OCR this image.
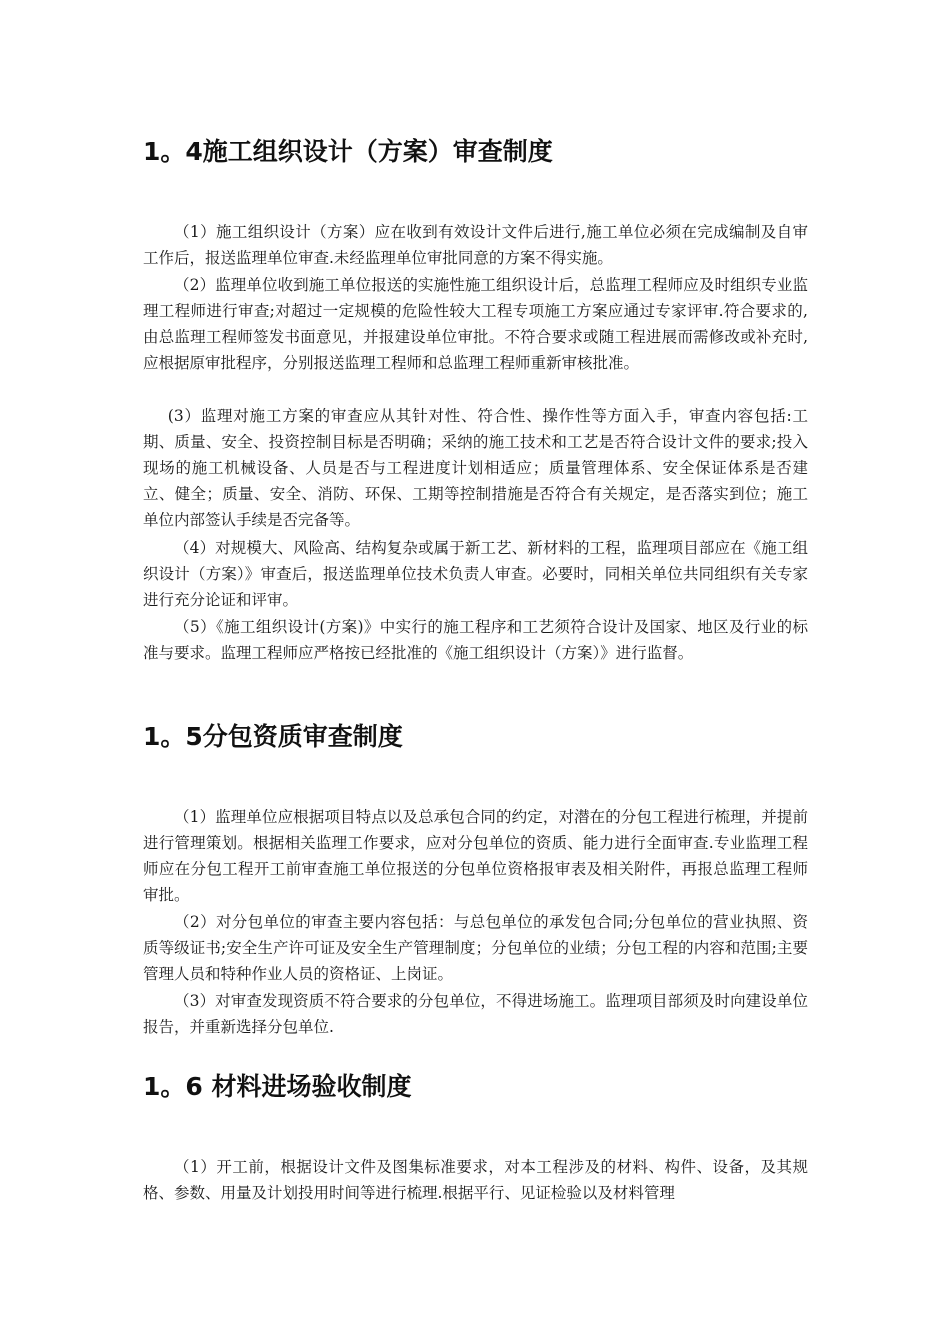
1。4施工组织设计（方案）审查制度

（1）施工组织设计（方案）应在收到有效设计文件后进行,施工单位必须在完成编制及自审工作后，报送监理单位审查.未经监理单位审批同意的方案不得实施。

（2）监理单位收到施工单位报送的实施性施工组织设计后，总监理工程师应及时组织专业监理工程师进行审查;对超过一定规模的危险性较大工程专项施工方案应通过专家评审.符合要求的,由总监理工程师签发书面意见，并报建设单位审批。不符合要求或随工程进展而需修改或补充时,应根据原审批程序，分别报送监理工程师和总监理工程师重新审核批准。

(3）监理对施工方案的审查应从其针对性、符合性、操作性等方面入手，审查内容包括:工期、质量、安全、投资控制目标是否明确；采纳的施工技术和工艺是否符合设计文件的要求;投入现场的施工机械设备、人员是否与工程进度计划相适应；质量管理体系、安全保证体系是否建立、健全；质量、安全、消防、环保、工期等控制措施是否符合有关规定，是否落实到位；施工单位内部签认手续是否完备等。

（4）对规模大、风险高、结构复杂或属于新工艺、新材料的工程，监理项目部应在《施工组织设计（方案）》审查后，报送监理单位技术负责人审查。必要时，同相关单位共同组织有关专家进行充分论证和评审。

（5）《施工组织设计(方案)》中实行的施工程序和工艺须符合设计及国家、地区及行业的标准与要求。监理工程师应严格按已经批准的《施工组织设计（方案）》进行监督。

1。5分包资质审查制度

（1）监理单位应根据项目特点以及总承包合同的约定，对潜在的分包工程进行梳理，并提前进行管理策划。根据相关监理工作要求，应对分包单位的资质、能力进行全面审查.专业监理工程师应在分包工程开工前审查施工单位报送的分包单位资格报审表及相关附件，再报总监理工程师审批。

（2）对分包单位的审查主要内容包括：与总包单位的承发包合同;分包单位的营业执照、资质等级证书;安全生产许可证及安全生产管理制度；分包单位的业绩；分包工程的内容和范围;主要管理人员和特种作业人员的资格证、上岗证。

（3）对审查发现资质不符合要求的分包单位，不得进场施工。监理项目部须及时向建设单位报告，并重新选择分包单位.

1。6 材料进场验收制度

（1）开工前，根据设计文件及图集标准要求，对本工程涉及的材料、构件、设备，及其规格、参数、用量及计划投用时间等进行梳理.根据平行、见证检验以及材料管理
